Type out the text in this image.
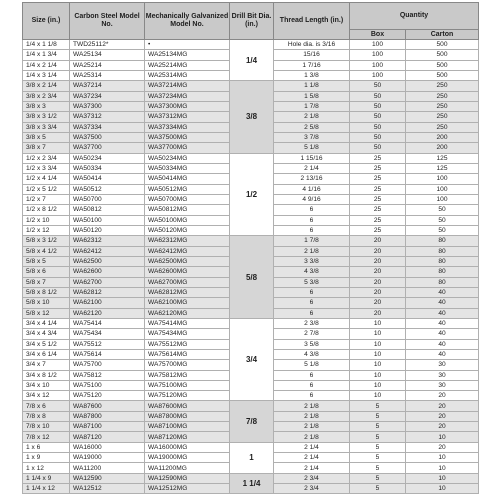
Size (in.)	Carbon Steel Model No.	Mechanically Galvanized Model No.	Drill Bit Dia. (in.)	Thread Length (in.)	Quantity	
					Box	Carton
1/4 x 1 1/8	TWD25112*	•	1/4	Hole dia. is 3/16	100	500
1/4 x 1 3/4	WA25134	WA25134MG		15/16	100	500
1/4 x 2 1/4	WA25214	WA25214MG		1 7/16	100	500
1/4 x 3 1/4	WA25314	WA25314MG		1 3/8	100	500
3/8 x 2 1/4	WA37214	WA37214MG	3/8	1 1/8	50	250
3/8 x 2 3/4	WA37234	WA37234MG		1 5/8	50	250
3/8 x 3	WA37300	WA37300MG		1 7/8	50	250
3/8 x 3 1/2	WA37312	WA37312MG		2 1/8	50	250
3/8 x 3 3/4	WA37334	WA37334MG		2 5/8	50	250
3/8 x 5	WA37500	WA37500MG		3 7/8	50	200
3/8 x 7	WA37700	WA37700MG		5 1/8	50	200
1/2 x 2 3/4	WA50234	WA50234MG	1/2	1 15/16	25	125
1/2 x 3 3/4	WA50334	WA50334MG		2 1/4	25	125
1/2 x 4 1/4	WA50414	WA50414MG		2 13/16	25	100
1/2 x 5 1/2	WA50512	WA50512MG		4 1/16	25	100
1/2 x 7	WA50700	WA50700MG		4 9/16	25	100
1/2 x 8 1/2	WA50812	WA50812MG		6	25	50
1/2 x 10	WA50100	WA50100MG		6	25	50
1/2 x 12	WA50120	WA50120MG		6	25	50
5/8 x 3 1/2	WA62312	WA62312MG	5/8	1 7/8	20	80
5/8 x 4 1/2	WA62412	WA62412MG		2 1/8	20	80
5/8 x 5	WA62500	WA62500MG		3 3/8	20	80
5/8 x 6	WA62600	WA62600MG		4 3/8	20	80
5/8 x 7	WA62700	WA62700MG		5 3/8	20	80
5/8 x 8 1/2	WA62812	WA62812MG		6	20	40
5/8 x 10	WA62100	WA62100MG		6	20	40
5/8 x 12	WA62120	WA62120MG		6	20	40
3/4 x 4 1/4	WA75414	WA75414MG	3/4	2 3/8	10	40
3/4 x 4 3/4	WA75434	WA75434MG		2 7/8	10	40
3/4 x 5 1/2	WA75512	WA75512MG		3 5/8	10	40
3/4 x 6 1/4	WA75614	WA75614MG		4 3/8	10	40
3/4 x 7	WA75700	WA75700MG		5 1/8	10	30
3/4 x 8 1/2	WA75812	WA75812MG		6	10	30
3/4 x 10	WA75100	WA75100MG		6	10	30
3/4 x 12	WA75120	WA75120MG		6	10	20
7/8 x 6	WA87600	WA87600MG	7/8	2 1/8	5	20
7/8 x 8	WA87800	WA87800MG		2 1/8	5	20
7/8 x 10	WA87100	WA87100MG		2 1/8	5	20
7/8 x 12	WA87120	WA87120MG		2 1/8	5	10
1 x 6	WA16000	WA16000MG	1	2 1/4	5	20
1 x 9	WA19000	WA19000MG		2 1/4	5	10
1 x 12	WA11200	WA11200MG		2 1/4	5	10
1 1/4 x 9	WA12590	WA12590MG	1 1/4	2 3/4	5	10
1 1/4 x 12	WA12512	WA12512MG		2 3/4	5	10
